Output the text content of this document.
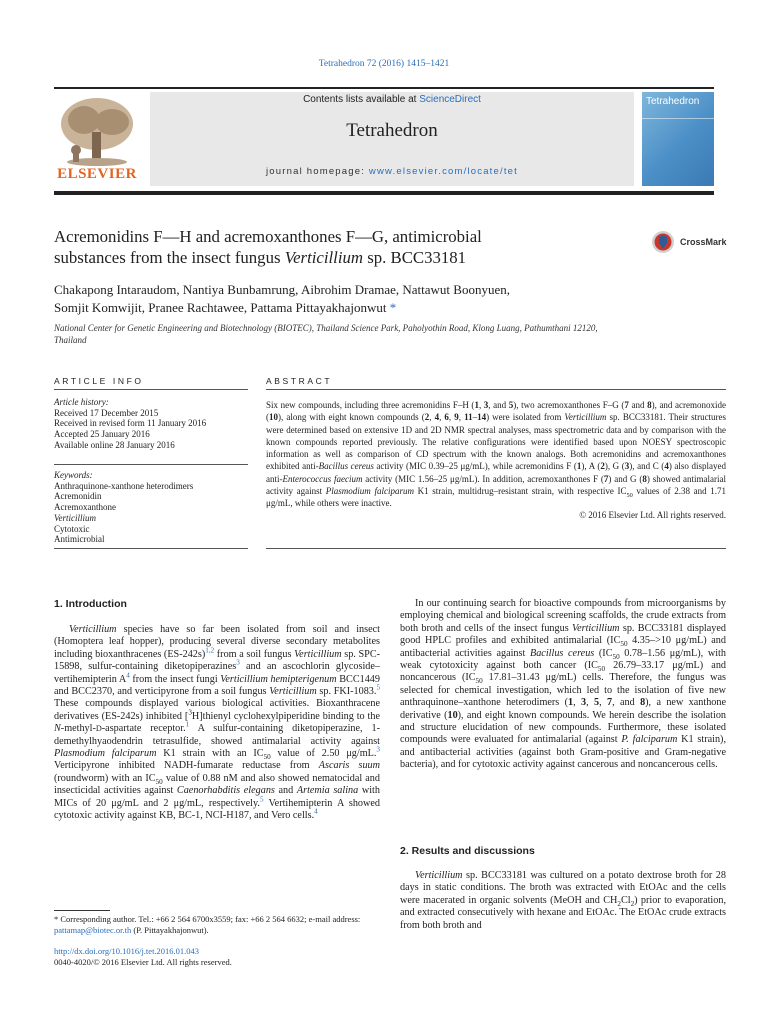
Tetrahedron 72 (2016) 1415–1421
ELSEVIER
Contents lists available at ScienceDirect
Tetrahedron
journal homepage: www.elsevier.com/locate/tet
Tetrahedron
Acremonidins F—H and acremoxanthones F—G, antimicrobial
substances from the insect fungus Verticillium sp. BCC33181
CrossMark
Chakapong Intaraudom, Nantiya Bunbamrung, Aibrohim Dramae, Nattawut Boonyuen,
Somjit Komwijit, Pranee Rachtawee, Pattama Pittayakhajonwut *
National Center for Genetic Engineering and Biotechnology (BIOTEC), Thailand Science Park, Paholyothin Road, Klong Luang, Pathumthani 12120, Thailand
ARTICLE INFO	ABSTRACT
Article history:
Received 17 December 2015
Received in revised form 11 January 2016
Accepted 25 January 2016
Available online 28 January 2016
Keywords:
Anthraquinone-xanthone heterodimers
Acremonidin
Acremoxanthone
Verticillium
Cytotoxic
Antimicrobial
Six new compounds, including three acremonidins F–H (1, 3, and 5), two acremoxanthones F–G (7 and 8), and acremonoxide (10), along with eight known compounds (2, 4, 6, 9, 11–14) were isolated from Verticillium sp. BCC33181. Their structures were determined based on extensive 1D and 2D NMR spectral analyses, mass spectrometric data and by comparison with the known compounds reported previously. The relative configurations were identified based upon NOESY spectroscopic information as well as comparison of CD spectrum with the known analogs. Both acremonidins and acremoxanthones exhibited anti-Bacillus cereus activity (MIC 0.39–25 μg/mL), while acremonidins F (1), A (2), G (3), and C (4) also displayed anti-Enterococcus faecium activity (MIC 1.56–25 μg/mL). In addition, acremoxanthones F (7) and G (8) showed antimalarial activity against Plasmodium falciparum K1 strain, multidrug–resistant strain, with respective $IC_{50}$ values of 2.38 and 1.71 μg/mL, while others were inactive.
© 2016 Elsevier Ltd. All rights reserved.
1. Introduction

Verticillium species have so far been isolated from soil and insect (Homoptera leaf hopper), producing several diverse secondary metabolites including bioxanthracenes $(ES-242s)^{1,2}$ from a soil fungus Verticillium sp. SPC-15898, sulfur-containing diketopiperazines$^3$ and an ascochlorin glycoside–vertihemipterin $A^4$ from the insect fungi Verticillium hemipterigenum BCC1449 and BCC2370, and verticipyrone from a soil fungus Verticillium sp. FKI-1083.$^5$ These compounds displayed various biological activities. Bioxanthracene derivatives (ES-242s) inhibited [$^3$H]thienyl cyclohexylpiperidine binding to the N-methyl-D-aspartate receptor.$^1$ A sulfur-containing diketopiperazine, 1-demethylhyaodendrin tetrasulfide, showed antimalarial activity against Plasmodium falciparum K1 strain with an $IC_{50}$ value of 2.50 μg/mL.$^3$ Verticipyrone inhibited NADH-fumarate reductase from Ascaris suum (roundworm) with an $IC_{50}$ value of 0.88 nM and also showed nematocidal and insecticidal activities against Caenorhabditis elegans and Artemia salina with MICs of 20 μg/mL and 2 μg/mL, respectively.$^5$ Vertihemipterin A showed cytotoxic activity against KB, BC-1, NCI-H187, and Vero cells.$^4$

* Corresponding author. Tel.: +66 2 564 6700x3559; fax: +66 2 564 6632; e-mail address: pattamap@biotec.or.th (P. Pittayakhajonwut).
http://dx.doi.org/10.1016/j.tet.2016.01.043
0040-4020/© 2016 Elsevier Ltd. All rights reserved.

In our continuing search for bioactive compounds from microorganisms by employing chemical and biological screening scaffolds, the crude extracts from both broth and cells of the insect fungus Verticillium sp. BCC33181 displayed good HPLC profiles and exhibited antimalarial ($IC_{50}$ 4.35–>10 μg/mL) and antibacterial activities against Bacillus cereus ($IC_{50}$ 0.78–1.56 μg/mL), with weak cytotoxicity against both cancer ($IC_{50}$ 26.79–33.17 μg/mL) and noncancerous ($IC_{50}$ 17.81–31.43 μg/mL) cells. Therefore, the fungus was selected for chemical investigation, which led to the isolation of five new anthraquinone–xanthone heterodimers (1, 3, 5, 7, and 8), a new xanthone derivative (10), and eight known compounds. We herein describe the isolation and structure elucidation of new compounds. Furthermore, these isolated compounds were evaluated for antimalarial (against P. falciparum K1 strain), and antibacterial activities (against both Gram-positive and Gram-negative bacteria), and for cytotoxic activity against cancerous and noncancerous cells.

2. Results and discussions

Verticillium sp. BCC33181 was cultured on a potato dextrose broth for 28 days in static conditions. The broth was extracted with EtOAc and the cells were macerated in organic solvents (MeOH and $CH_2Cl_2$) prior to evaporation, and extracted consecutively with hexane and EtOAc. The EtOAc crude extracts from both broth and
